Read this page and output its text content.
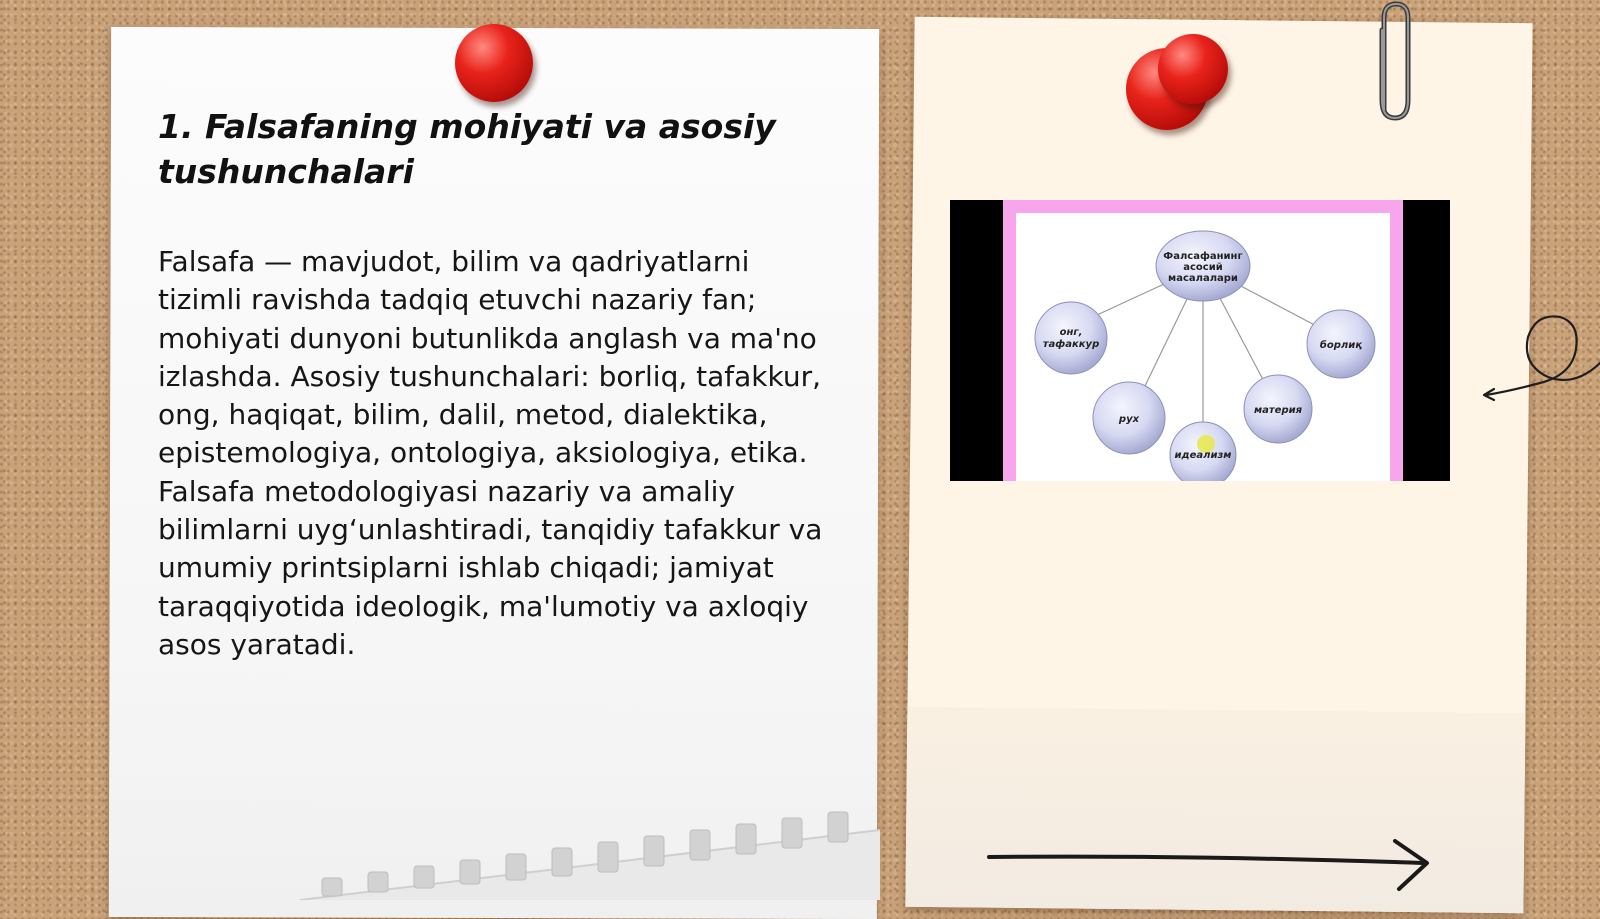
1. Falsafaning mohiyati va asosiy tushunchalari

Falsafa — mavjudot, bilim va qadriyatlarni tizimli ravishda tadqiq etuvchi nazariy fan; mohiyati dunyoni butunlikda anglash va ma'no izlashda. Asosiy tushunchalari: borliq, tafakkur, ong, haqiqat, bilim, dalil, metod, dialektika, epistemologiya, ontologiya, aksiologiya, etika. Falsafa metodologiyasi nazariy va amaliy bilimlarni uyg‘unlashtiradi, tanqidiy tafakkur va umumiy printsiplarni ishlab chiqadi; jamiyat taraqqiyotida ideologik, ma'lumotiy va axloqiy asos yaratadi.

Фалсафанинг
асосий
масалалари
онг,
тафаккур	борлиқ
рух
материя
идеализм
